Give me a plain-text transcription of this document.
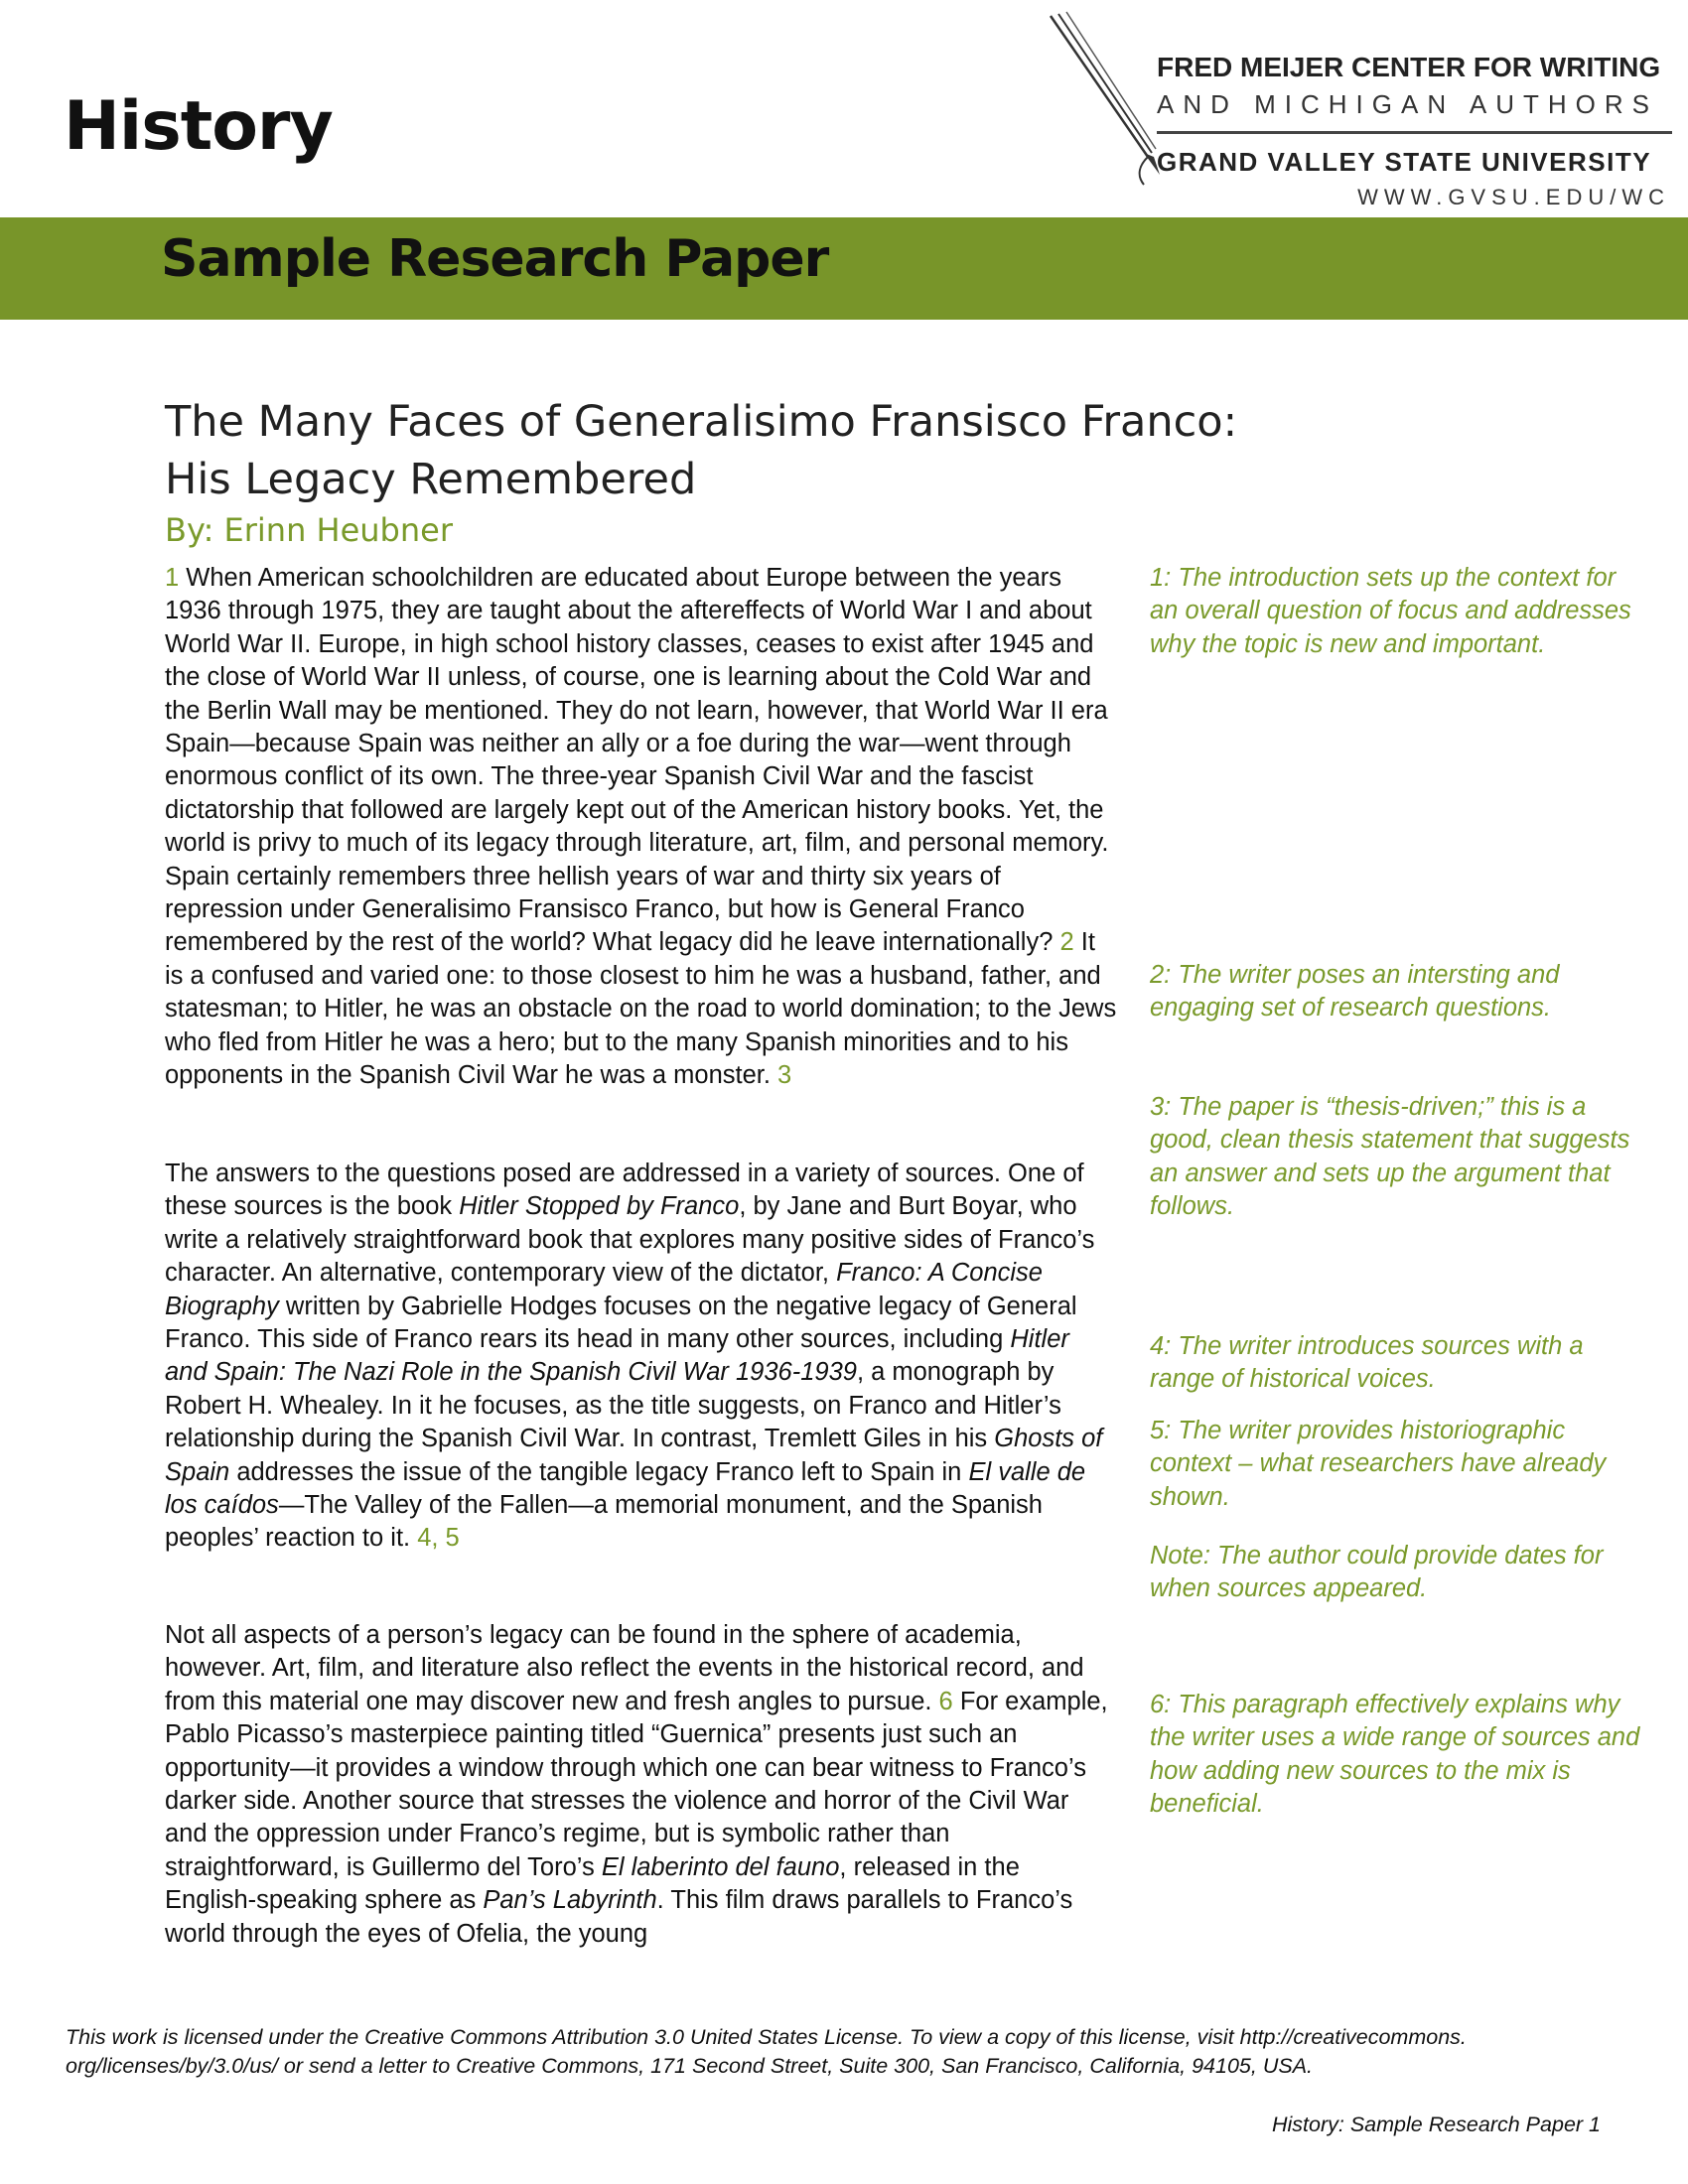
History
FRED MEIJER CENTER FOR WRITING
AND MICHIGAN AUTHORS
GRAND VALLEY STATE UNIVERSITY
WWW.GVSU.EDU/WC
Sample Research Paper
The Many Faces of Generalisimo Fransisco Franco:
His Legacy Remembered
By: Erinn Heubner

1 When American schoolchildren are educated about Europe between the years 1936 through 1975, they are taught about the aftereffects of World War I and about World War II. Europe, in high school history classes, ceases to exist after 1945 and the close of World War II unless, of course, one is learning about the Cold War and the Berlin Wall may be mentioned. They do not learn, however, that World War II era Spain—because Spain was neither an ally or a foe during the war—went through enormous conflict of its own. The three-year Spanish Civil War and the fascist dictatorship that followed are largely kept out of the American history books. Yet, the world is privy to much of its legacy through literature, art, film, and personal memory. Spain certainly remembers three hellish years of war and thirty six years of repression under Generalisimo Fransisco Franco, but how is General Franco remembered by the rest of the world? What legacy did he leave internationally? 2 It is a confused and varied one: to those closest to him he was a husband, father, and statesman; to Hitler, he was an obstacle on the road to world domination; to the Jews who fled from Hitler he was a hero; but to the many Spanish minorities and to his opponents in the Spanish Civil War he was a monster. 3

The answers to the questions posed are addressed in a variety of sources. One of these sources is the book Hitler Stopped by Franco, by Jane and Burt Boyar, who write a relatively straightforward book that explores many positive sides of Franco’s character. An alternative, contemporary view of the dictator, Franco: A Concise Biography written by Gabrielle Hodges focuses on the negative legacy of General Franco. This side of Franco rears its head in many other sources, including Hitler and Spain: The Nazi Role in the Spanish Civil War 1936-1939, a monograph by Robert H. Whealey. In it he focuses, as the title suggests, on Franco and Hitler’s relationship during the Spanish Civil War. In contrast, Tremlett Giles in his Ghosts of Spain addresses the issue of the tangible legacy Franco left to Spain in El valle de los caídos—The Valley of the Fallen—a memorial monument, and the Spanish peoples’ reaction to it. 4, 5

Not all aspects of a person’s legacy can be found in the sphere of academia, however. Art, film, and literature also reflect the events in the historical record, and from this material one may discover new and fresh angles to pursue. 6 For example, Pablo Picasso’s masterpiece painting titled “Guernica” presents just such an opportunity—it provides a window through which one can bear witness to Franco’s darker side. Another source that stresses the violence and horror of the Civil War and the oppression under Franco’s regime, but is symbolic rather than straightforward, is Guillermo del Toro’s El laberinto del fauno, released in the English-speaking sphere as Pan’s Labyrinth. This film draws parallels to Franco’s world through the eyes of Ofelia, the young

1: The introduction sets up the context for an overall question of focus and addresses why the topic is new and important.

2: The writer poses an intersting and engaging set of research questions.

3: The paper is “thesis-driven;” this is a good, clean thesis statement that suggests an answer and sets up the argument that follows.

4: The writer introduces sources with a range of historical voices.

5: The writer provides historiographic context – what researchers have already shown.

Note: The author could provide dates for when sources appeared.

6: This paragraph effectively explains why the writer uses a wide range of sources and how adding new sources to the mix is beneficial.

This work is licensed under the Creative Commons Attribution 3.0 United States License. To view a copy of this license, visit http://creativecommons. org/licenses/by/3.0/us/ or send a letter to Creative Commons, 171 Second Street, Suite 300, San Francisco, California, 94105, USA.

History: Sample Research Paper 1
